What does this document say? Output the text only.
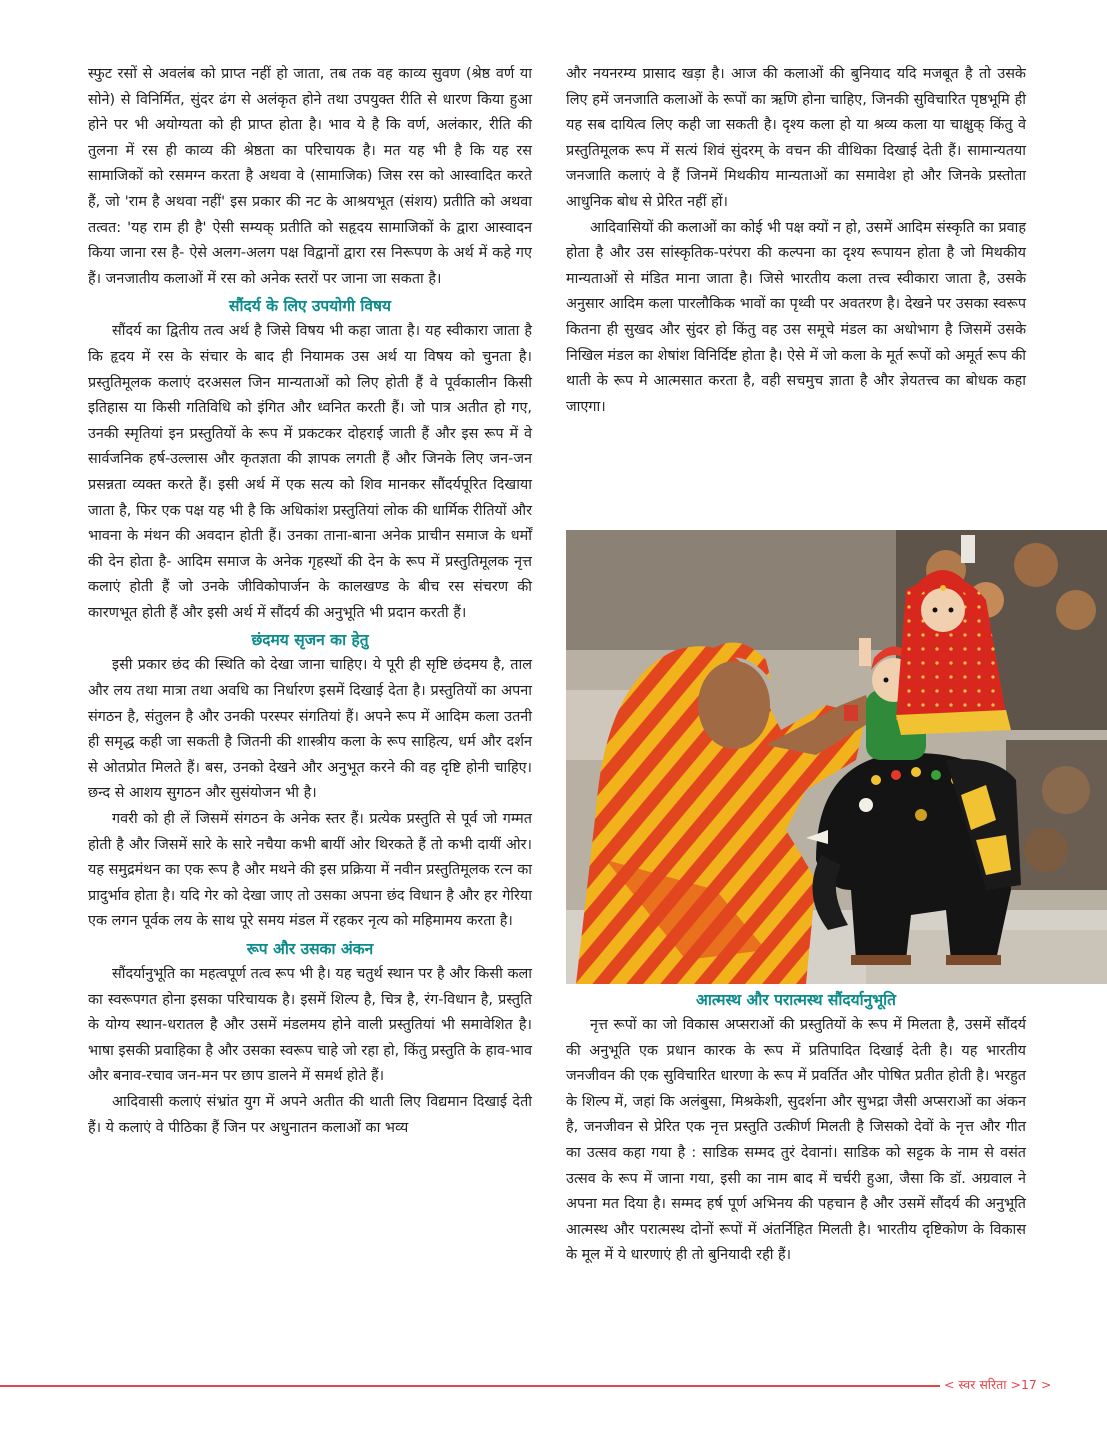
स्फुट रसों से अवलंब को प्राप्त नहीं हो जाता, तब तक वह काव्य सुवण (श्रेष्ठ वर्ण या सोने) से विनिर्मित, सुंदर ढंग से अलंकृत होने तथा उपयुक्त रीति से धारण किया हुआ होने पर भी अयोग्यता को ही प्राप्त होता है। भाव ये है कि वर्ण, अलंकार, रीति की तुलना में रस ही काव्य की श्रेष्ठता का परिचायक है। मत यह भी है कि यह रस सामाजिकों को रसमग्न करता है अथवा वे (सामाजिक) जिस रस को आस्वादित करते हैं, जो 'राम है अथवा नहीं' इस प्रकार की नट के आश्रयभूत (संशय) प्रतीति को अथवा तत्वत: 'यह राम ही है' ऐसी सम्यक् प्रतीति को सहृदय सामाजिकों के द्वारा आस्वादन किया जाना रस है- ऐसे अलग-अलग पक्ष विद्वानों द्वारा रस निरूपण के अर्थ में कहे गए हैं। जनजातीय कलाओं में रस को अनेक स्तरों पर जाना जा सकता है।

सौंदर्य के लिए उपयोगी विषय

सौंदर्य का द्वितीय तत्व अर्थ है जिसे विषय भी कहा जाता है। यह स्वीकारा जाता है कि हृदय में रस के संचार के बाद ही नियामक उस अर्थ या विषय को चुनता है। प्रस्तुतिमूलक कलाएं दरअसल जिन मान्यताओं को लिए होती हैं वे पूर्वकालीन किसी इतिहास या किसी गतिविधि को इंगित और ध्वनित करती हैं। जो पात्र अतीत हो गए, उनकी स्मृतियां इन प्रस्तुतियों के रूप में प्रकटकर दोहराई जाती हैं और इस रूप में वे सार्वजनिक हर्ष-उल्लास और कृतज्ञता की ज्ञापक लगती हैं और जिनके लिए जन-जन प्रसन्नता व्यक्त करते हैं। इसी अर्थ में एक सत्य को शिव मानकर सौंदर्यपूरित दिखाया जाता है, फिर एक पक्ष यह भी है कि अधिकांश प्रस्तुतियां लोक की धार्मिक रीतियों और भावना के मंथन की अवदान होती हैं। उनका ताना-बाना अनेक प्राचीन समाज के धर्मों की देन होता है- आदिम समाज के अनेक गृहस्थों की देन के रूप में प्रस्तुतिमूलक नृत्त कलाएं होती हैं जो उनके जीविकोपार्जन के कालखण्ड के बीच रस संचरण की कारणभूत होती हैं और इसी अर्थ में सौंदर्य की अनुभूति भी प्रदान करती हैं।

छंदमय सृजन का हेतु

इसी प्रकार छंद की स्थिति को देखा जाना चाहिए। ये पूरी ही सृष्टि छंदमय है, ताल और लय तथा मात्रा तथा अवधि का निर्धारण इसमें दिखाई देता है। प्रस्तुतियों का अपना संगठन है, संतुलन है और उनकी परस्पर संगतियां हैं। अपने रूप में आदिम कला उतनी ही समृद्ध कही जा सकती है जितनी की शास्त्रीय कला के रूप साहित्य, धर्म और दर्शन से ओतप्रोत मिलते हैं। बस, उनको देखने और अनुभूत करने की वह दृष्टि होनी चाहिए। छन्द से आशय सुगठन और सुसंयोजन भी है।

गवरी को ही लें जिसमें संगठन के अनेक स्तर हैं। प्रत्येक प्रस्तुति से पूर्व जो गम्मत होती है और जिसमें सारे के सारे नचैया कभी बायीं ओर थिरकते हैं तो कभी दायीं ओर। यह समुद्रमंथन का एक रूप है और मथने की इस प्रक्रिया में नवीन प्रस्तुतिमूलक रत्न का प्रादुर्भाव होता है। यदि गेर को देखा जाए तो उसका अपना छंद विधान है और हर गेरिया एक लगन पूर्वक लय के साथ पूरे समय मंडल में रहकर नृत्य को महिमामय करता है।

रूप और उसका अंकन

सौंदर्यानुभूति का महत्वपूर्ण तत्व रूप भी है। यह चतुर्थ स्थान पर है और किसी कला का स्वरूपगत होना इसका परिचायक है। इसमें शिल्प है, चित्र है, रंग-विधान है, प्रस्तुति के योग्य स्थान-धरातल है और उसमें मंडलमय होने वाली प्रस्तुतियां भी समावेशित है। भाषा इसकी प्रवाहिका है और उसका स्वरूप चाहे जो रहा हो, किंतु प्रस्तुति के हाव-भाव और बनाव-रचाव जन-मन पर छाप डालने में समर्थ होते हैं।

आदिवासी कलाएं संभ्रांत युग में अपने अतीत की थाती लिए विद्यमान दिखाई देती हैं। ये कलाएं वे पीठिका हैं जिन पर अधुनातन कलाओं का भव्य

और नयनरम्य प्रासाद खड़ा है। आज की कलाओं की बुनियाद यदि मजबूत है तो उसके लिए हमें जनजाति कलाओं के रूपों का ऋणि होना चाहिए, जिनकी सुविचारित पृष्ठभूमि ही यह सब दायित्व लिए कही जा सकती है। दृश्य कला हो या श्रव्य कला या चाक्षुक् किंतु वे प्रस्तुतिमूलक रूप में सत्यं शिवं सुंदरम् के वचन की वीथिका दिखाई देती हैं। सामान्यतया जनजाति कलाएं वे हैं जिनमें मिथकीय मान्यताओं का समावेश हो और जिनके प्रस्तोता आधुनिक बोध से प्रेरित नहीं हों।

आदिवासियों की कलाओं का कोई भी पक्ष क्यों न हो, उसमें आदिम संस्कृति का प्रवाह होता है और उस सांस्कृतिक-परंपरा की कल्पना का दृश्य रूपायन होता है जो मिथकीय मान्यताओं से मंडित माना जाता है। जिसे भारतीय कला तत्त्व स्वीकारा जाता है, उसके अनुसार आदिम कला पारलौकिक भावों का पृथ्वी पर अवतरण है। देखने पर उसका स्वरूप कितना ही सुखद और सुंदर हो किंतु वह उस समूचे मंडल का अधोभाग है जिसमें उसके निखिल मंडल का शेषांश विनिर्दिष्ट होता है। ऐसे में जो कला के मूर्त रूपों को अमूर्त रूप की थाती के रूप मे आत्मसात करता है, वही सचमुच ज्ञाता है और ज्ञेयतत्त्व का बोधक कहा जाएगा।

आत्मस्थ और परात्मस्थ सौंदर्यानुभूति

नृत्त रूपों का जो विकास अप्सराओं की प्रस्तुतियों के रूप में मिलता है, उसमें सौंदर्य की अनुभूति एक प्रधान कारक के रूप में प्रतिपादित दिखाई देती है। यह भारतीय जनजीवन की एक सुविचारित धारणा के रूप में प्रवर्तित और पोषित प्रतीत होती है। भरहुत के शिल्प में, जहां कि अलंबुसा, मिश्रकेशी, सुदर्शना और सुभद्रा जैसी अप्सराओं का अंकन है, जनजीवन से प्रेरित एक नृत्त प्रस्तुति उत्कीर्ण मिलती है जिसको देवों के नृत्त और गीत का उत्सव कहा गया है : साडिक सम्मद तुरं देवानां। साडिक को सट्टक के नाम से वसंत उत्सव के रूप में जाना गया, इसी का नाम बाद में चर्चरी हुआ, जैसा कि डॉ. अग्रवाल ने अपना मत दिया है। सम्मद हर्ष पूर्ण अभिनय की पहचान है और उसमें सौंदर्य की अनुभूति आत्मस्थ और परात्मस्थ दोनों रूपों में अंतर्निहित मिलती है। भारतीय दृष्टिकोण के विकास के मूल में ये धारणाएं ही तो बुनियादी रही हैं।

< स्वर सरिता >17 >
